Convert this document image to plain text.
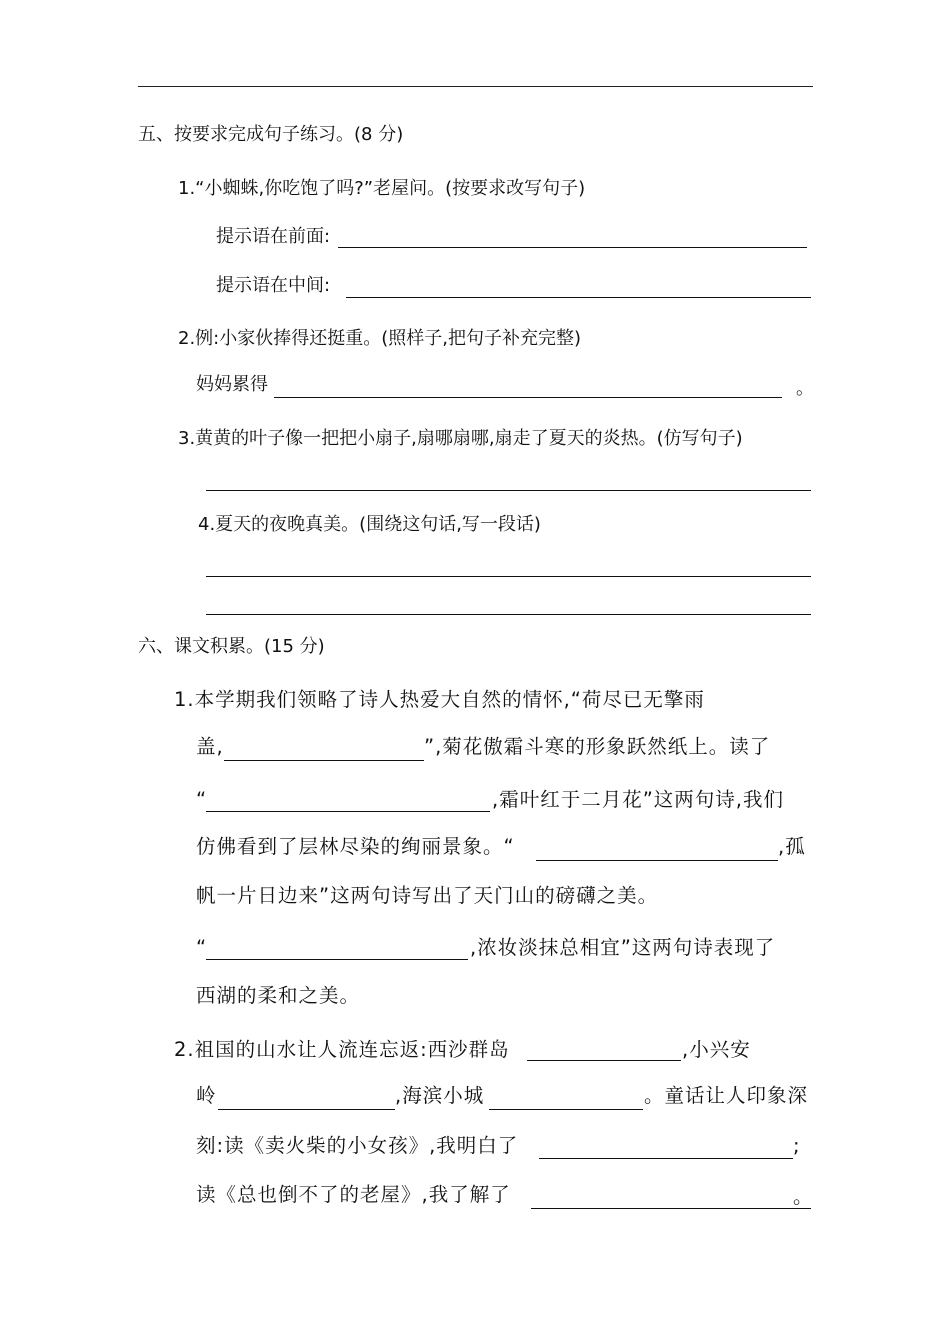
五、按要求完成句子练习。(8 分)
1.“小蜘蛛,你吃饱了吗?”老屋问。(按要求改写句子)
提示语在前面:
提示语在中间:
2.例:小家伙捧得还挺重。(照样子,把句子补充完整)
妈妈累得	。
3.黄黄的叶子像一把把小扇子,扇哪扇哪,扇走了夏天的炎热。(仿写句子)
4.夏天的夜晚真美。(围绕这句话,写一段话)
六、课文积累。(15 分)
1.本学期我们领略了诗人热爱大自然的情怀,“荷尽已无擎雨
盖,	”,菊花傲霜斗寒的形象跃然纸上。读了
“	,霜叶红于二月花”这两句诗,我们
仿佛看到了层林尽染的绚丽景象。“	,孤
帆一片日边来”这两句诗写出了天门山的磅礴之美。
“	,浓妆淡抹总相宜”这两句诗表现了
西湖的柔和之美。
2.祖国的山水让人流连忘返:西沙群岛	,小兴安
岭	,海滨小城	。童话让人印象深
刻:读《卖火柴的小女孩》,我明白了	;
读《总也倒不了的老屋》,我了解了	。
